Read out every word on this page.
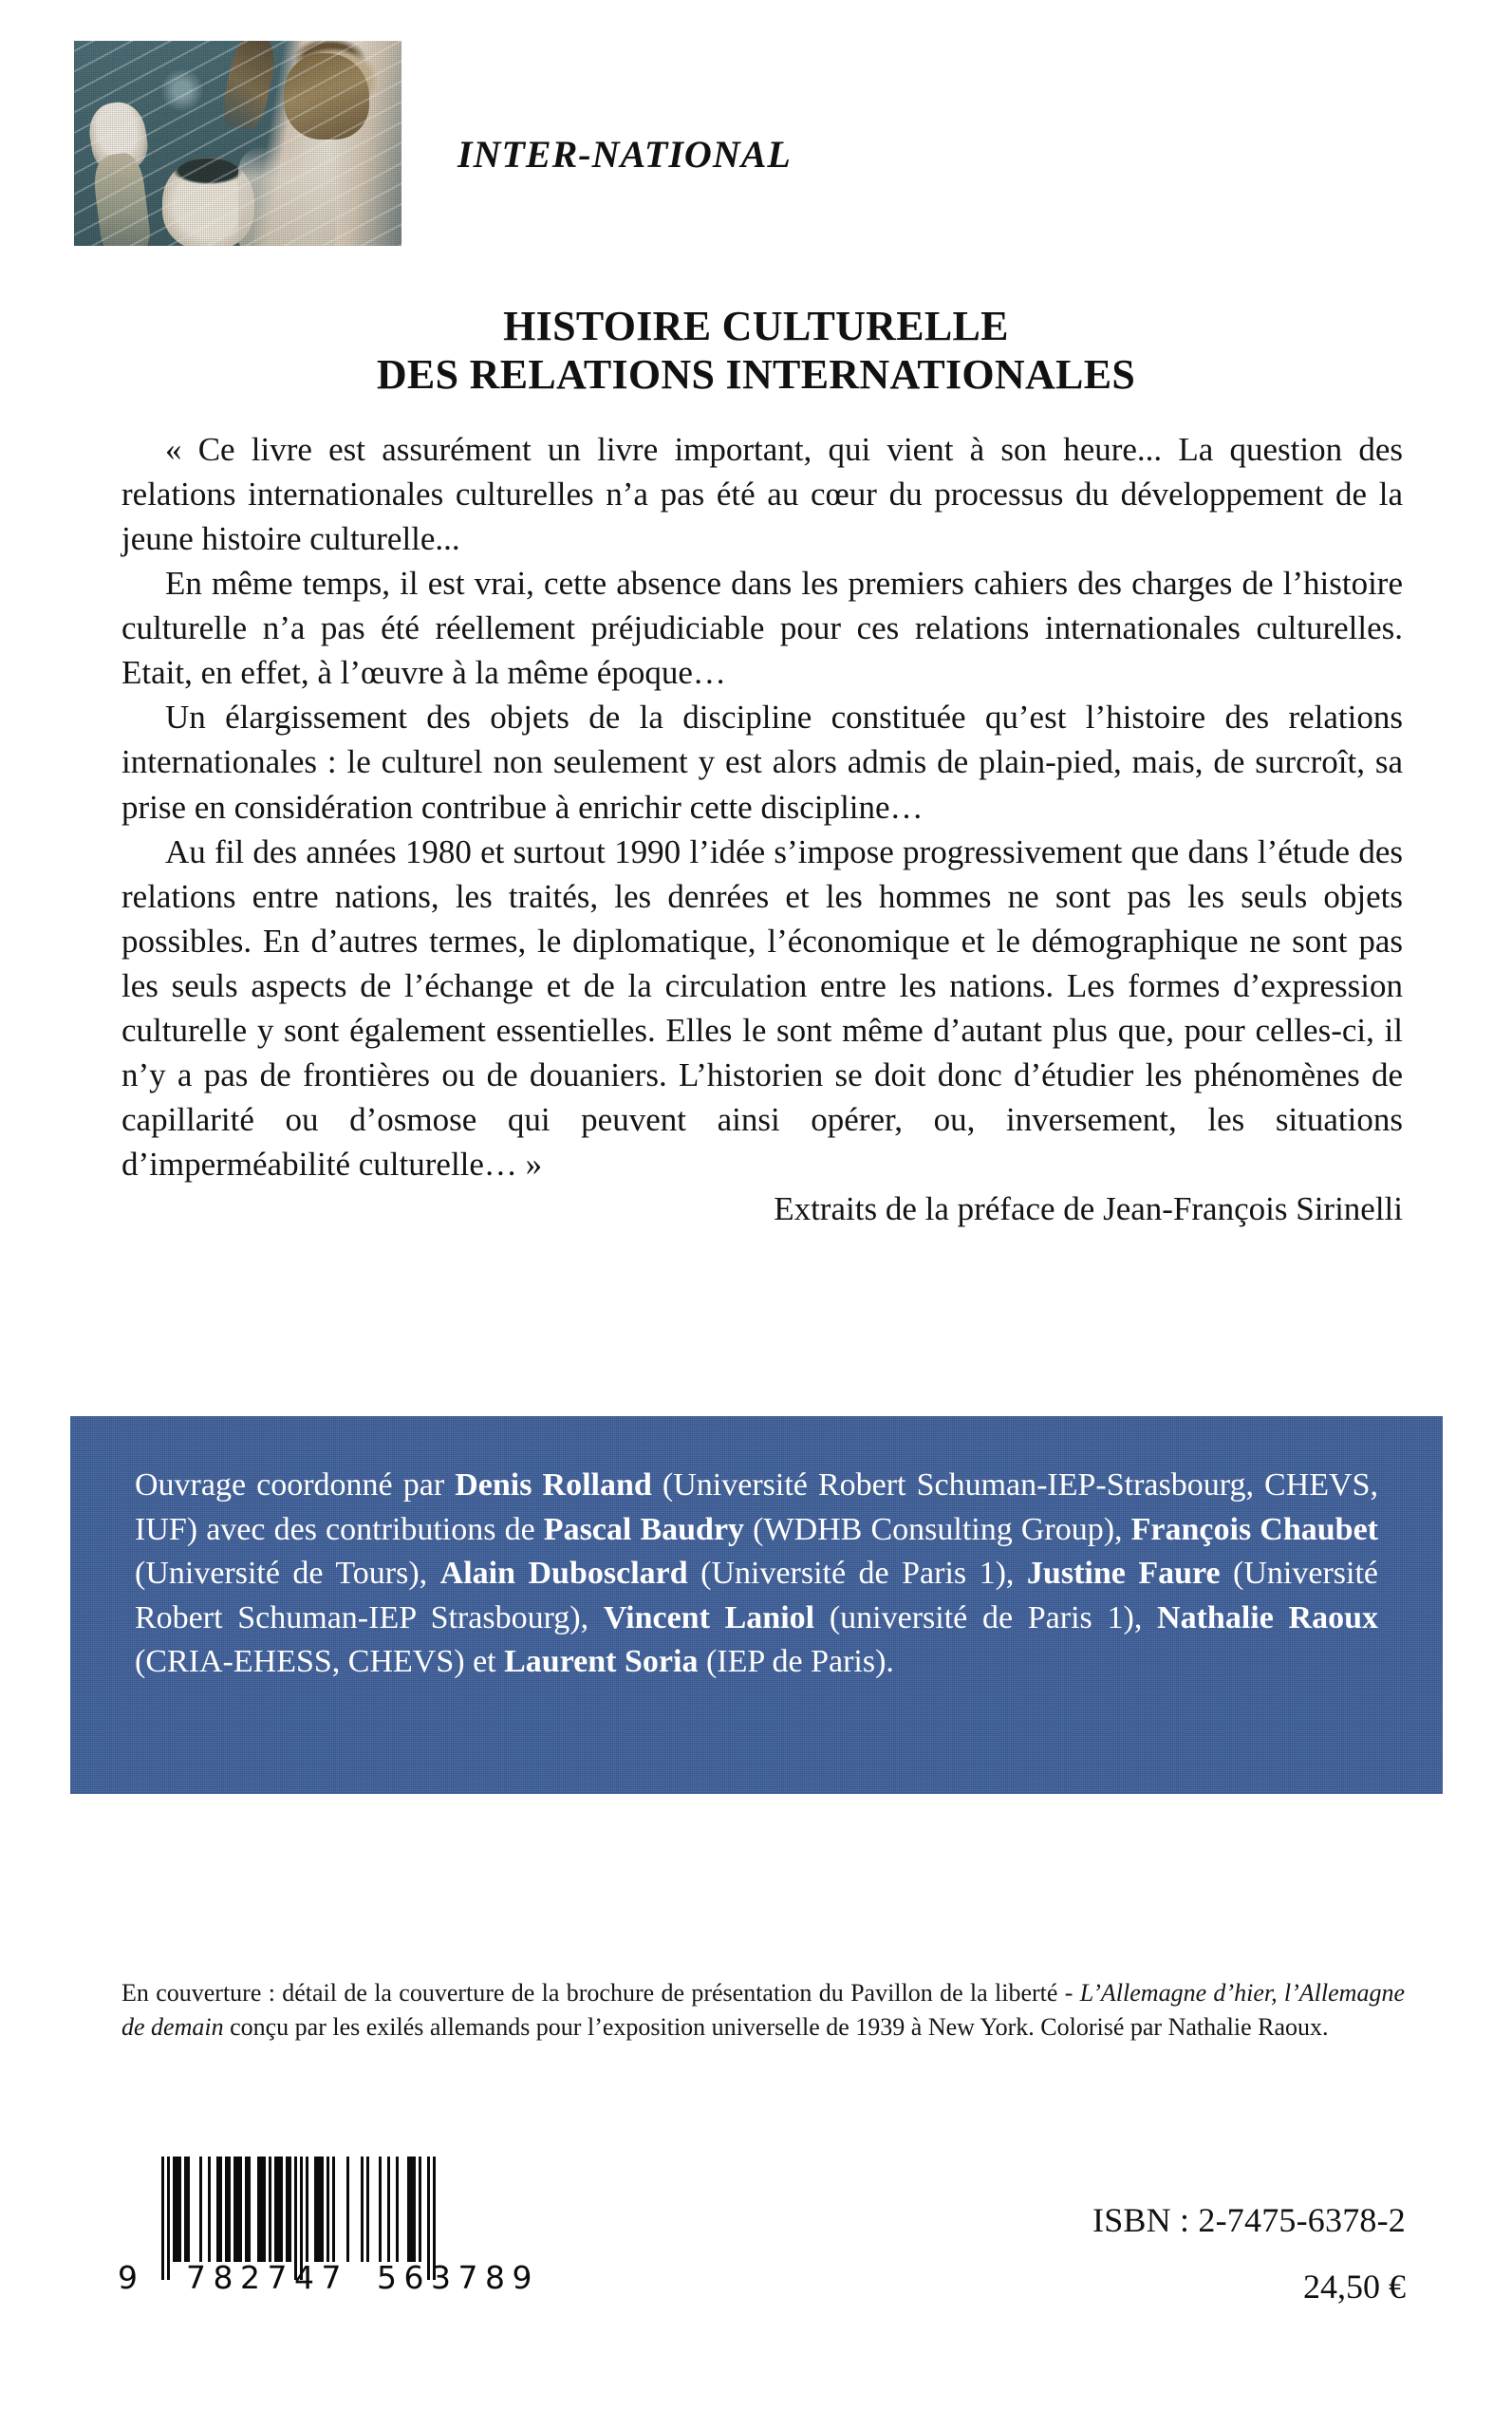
INTER-NATIONAL
HISTOIRE CULTURELLE
DES RELATIONS INTERNATIONALES

« Ce livre est assurément un livre important, qui vient à son heure... La question des relations internationales culturelles n’a pas été au cœur du processus du développement de la jeune histoire culturelle...

En même temps, il est vrai, cette absence dans les premiers cahiers des charges de l’histoire culturelle n’a pas été réellement préjudiciable pour ces relations internationales culturelles. Etait, en effet, à l’œuvre à la même époque…

Un élargissement des objets de la discipline constituée qu’est l’histoire des relations internationales : le culturel non seulement y est alors admis de plain-pied, mais, de surcroît, sa prise en considération contribue à enrichir cette discipline…

Au fil des années 1980 et surtout 1990 l’idée s’impose progressivement que dans l’étude des relations entre nations, les traités, les denrées et les hommes ne sont pas les seuls objets possibles. En d’autres termes, le diplomatique, l’économique et le démographique ne sont pas les seuls aspects de l’échange et de la circulation entre les nations. Les formes d’expression culturelle y sont également essentielles. Elles le sont même d’autant plus que, pour celles-ci, il n’y a pas de frontières ou de douaniers. L’historien se doit donc d’étudier les phénomènes de capillarité ou d’osmose qui peuvent ainsi opérer, ou, inversement, les situations d’imperméabilité culturelle… »

Extraits de la préface de Jean-François Sirinelli

Ouvrage coordonné par Denis Rolland (Université Robert Schuman-IEP-Strasbourg, CHEVS, IUF) avec des contributions de Pascal Baudry (WDHB Consulting Group), François Chaubet (Université de Tours), Alain Dubosclard (Université de Paris 1), Justine Faure (Université Robert Schuman-IEP Strasbourg), Vincent Laniol (université de Paris 1), Nathalie Raoux (CRIA-EHESS, CHEVS) et Laurent Soria (IEP de Paris).
En couverture : détail de la couverture de la brochure de présentation du Pavillon de la liberté - L’Allemagne d’hier, l’Allemagne de demain conçu par les exilés allemands pour l’exposition universelle de 1939 à New York. Colorisé par Nathalie Raoux.
9 782747 563789
ISBN : 2-7475-6378-2
24,50 €
